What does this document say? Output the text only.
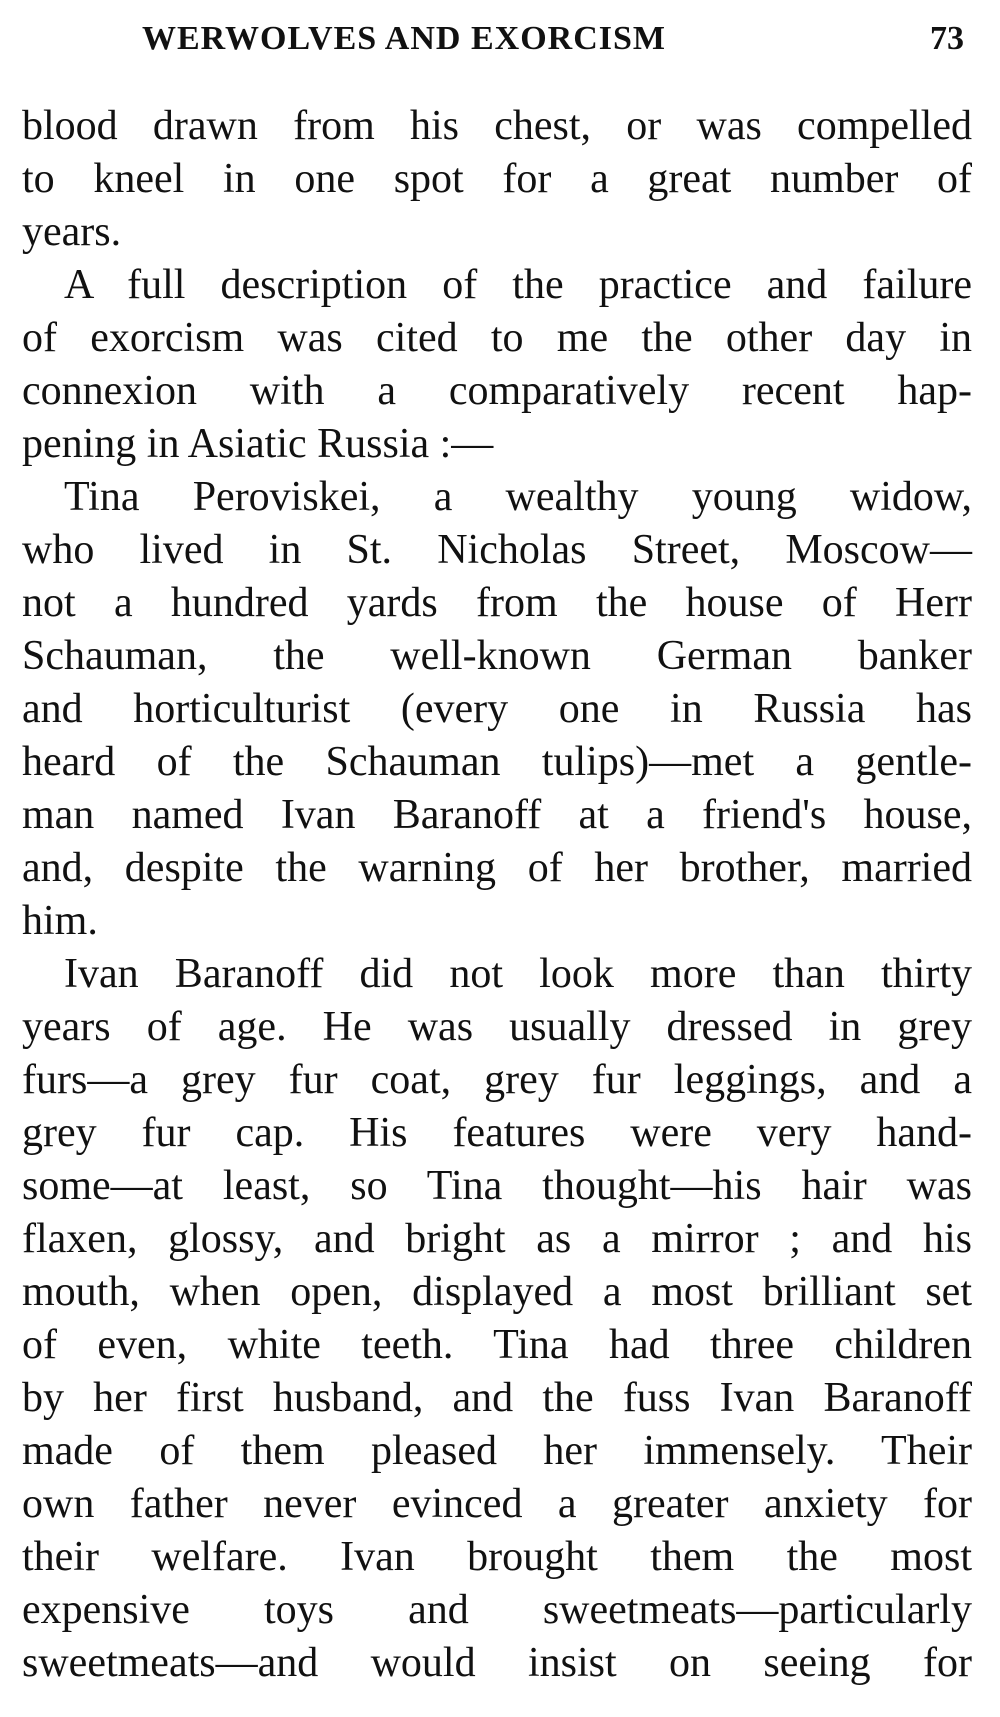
WERWOLVES AND EXORCISM	73
blood drawn from his chest, or was compelled
to kneel in one spot for a great number of
years.
A full description of the practice and failure
of exorcism was cited to me the other day in
connexion with a comparatively recent hap-
pening in Asiatic Russia :—
Tina Peroviskei, a wealthy young widow,
who lived in St. Nicholas Street, Moscow—
not a hundred yards from the house of Herr
Schauman, the well-known German banker
and horticulturist (every one in Russia has
heard of the Schauman tulips)—met a gentle-
man named Ivan Baranoff at a friend's house,
and, despite the warning of her brother, married
him.
Ivan Baranoff did not look more than thirty
years of age. He was usually dressed in grey
furs—a grey fur coat, grey fur leggings, and a
grey fur cap. His features were very hand-
some—at least, so Tina thought—his hair was
flaxen, glossy, and bright as a mirror ; and his
mouth, when open, displayed a most brilliant set
of even, white teeth. Tina had three children
by her first husband, and the fuss Ivan Baranoff
made of them pleased her immensely. Their
own father never evinced a greater anxiety for
their welfare. Ivan brought them the most
expensive toys and sweetmeats—particularly
sweetmeats—and would insist on seeing for
